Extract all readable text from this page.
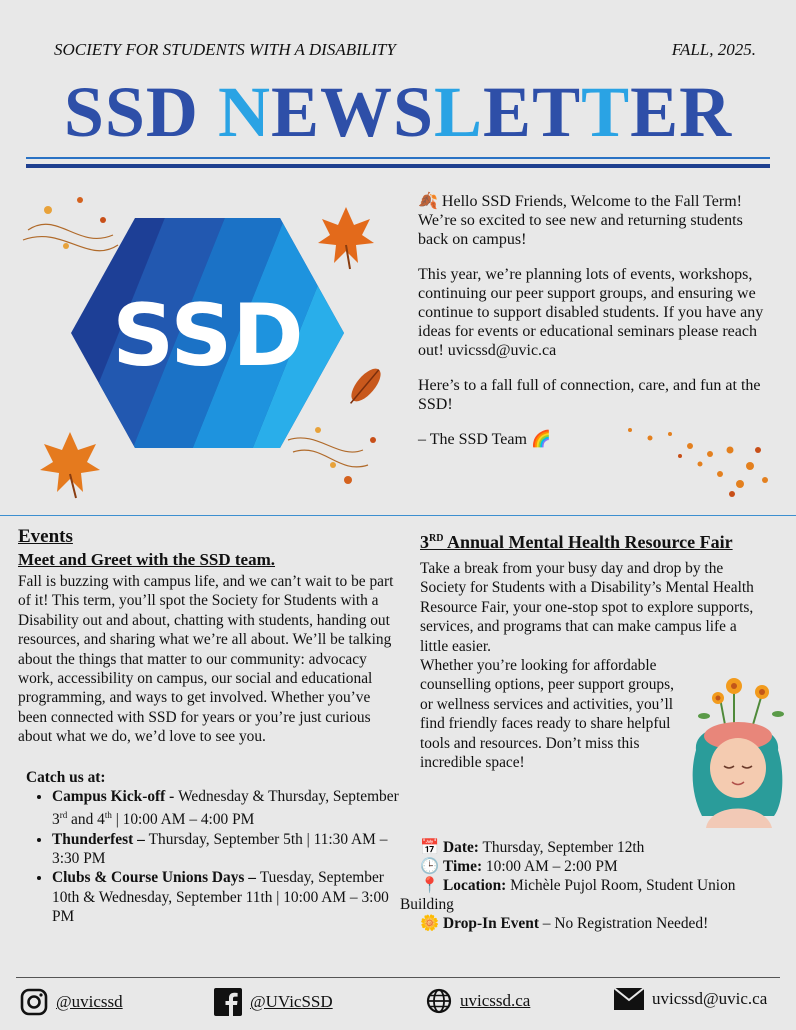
SOCIETY FOR STUDENTS WITH A DISABILITY	FALL, 2025.
SSD NEWSLETTER
SSD

🍂 Hello SSD Friends, Welcome to the Fall Term! We’re so excited to see new and returning students back on campus!

This year, we’re planning lots of events, workshops, continuing our peer support groups, and ensuring we continue to support disabled students. If you have any ideas for events or educational seminars please reach out! uvicssd@uvic.ca

Here’s to a fall full of connection, care, and fun at the SSD!

– The SSD Team 🌈

Events
Meet and Greet with the SSD team.

Fall is buzzing with campus life, and we can’t wait to be part of it! This term, you’ll spot the Society for Students with a Disability out and about, chatting with students, handing out resources, and sharing what we’re all about. We’ll be talking about the things that matter to our community: advocacy work, accessibility on campus, our social and educational programming, and ways to get involved. Whether you’ve been connected with SSD for years or you’re just curious about what we do, we’d love to see you.

Catch us at:
• Campus Kick-off - Wednesday & Thursday, September 3rd and 4th | 10:00 AM – 4:00 PM
• Thunderfest – Thursday, September 5th | 11:30 AM – 3:30 PM
• Clubs & Course Unions Days – Tuesday, September 10th & Wednesday, September 11th | 10:00 AM – 3:00 PM
3RD Annual Mental Health Resource Fair

Take a break from your busy day and drop by the Society for Students with a Disability’s Mental Health Resource Fair, your one-stop spot to explore supports, services, and programs that can make campus life a little easier.

Whether you’re looking for affordable counselling options, peer support groups, or wellness services and activities, you’ll find friendly faces ready to share helpful tools and resources. Don’t miss this incredible space!

📅 Date: Thursday, September 12th
🕒 Time: 10:00 AM – 2:00 PM
📍 Location: Michèle Pujol Room, Student Union Building
🌼 Drop-In Event – No Registration Needed!
@uvicssd	@UVicSSD	uvicssd.ca	uvicssd@uvic.ca
